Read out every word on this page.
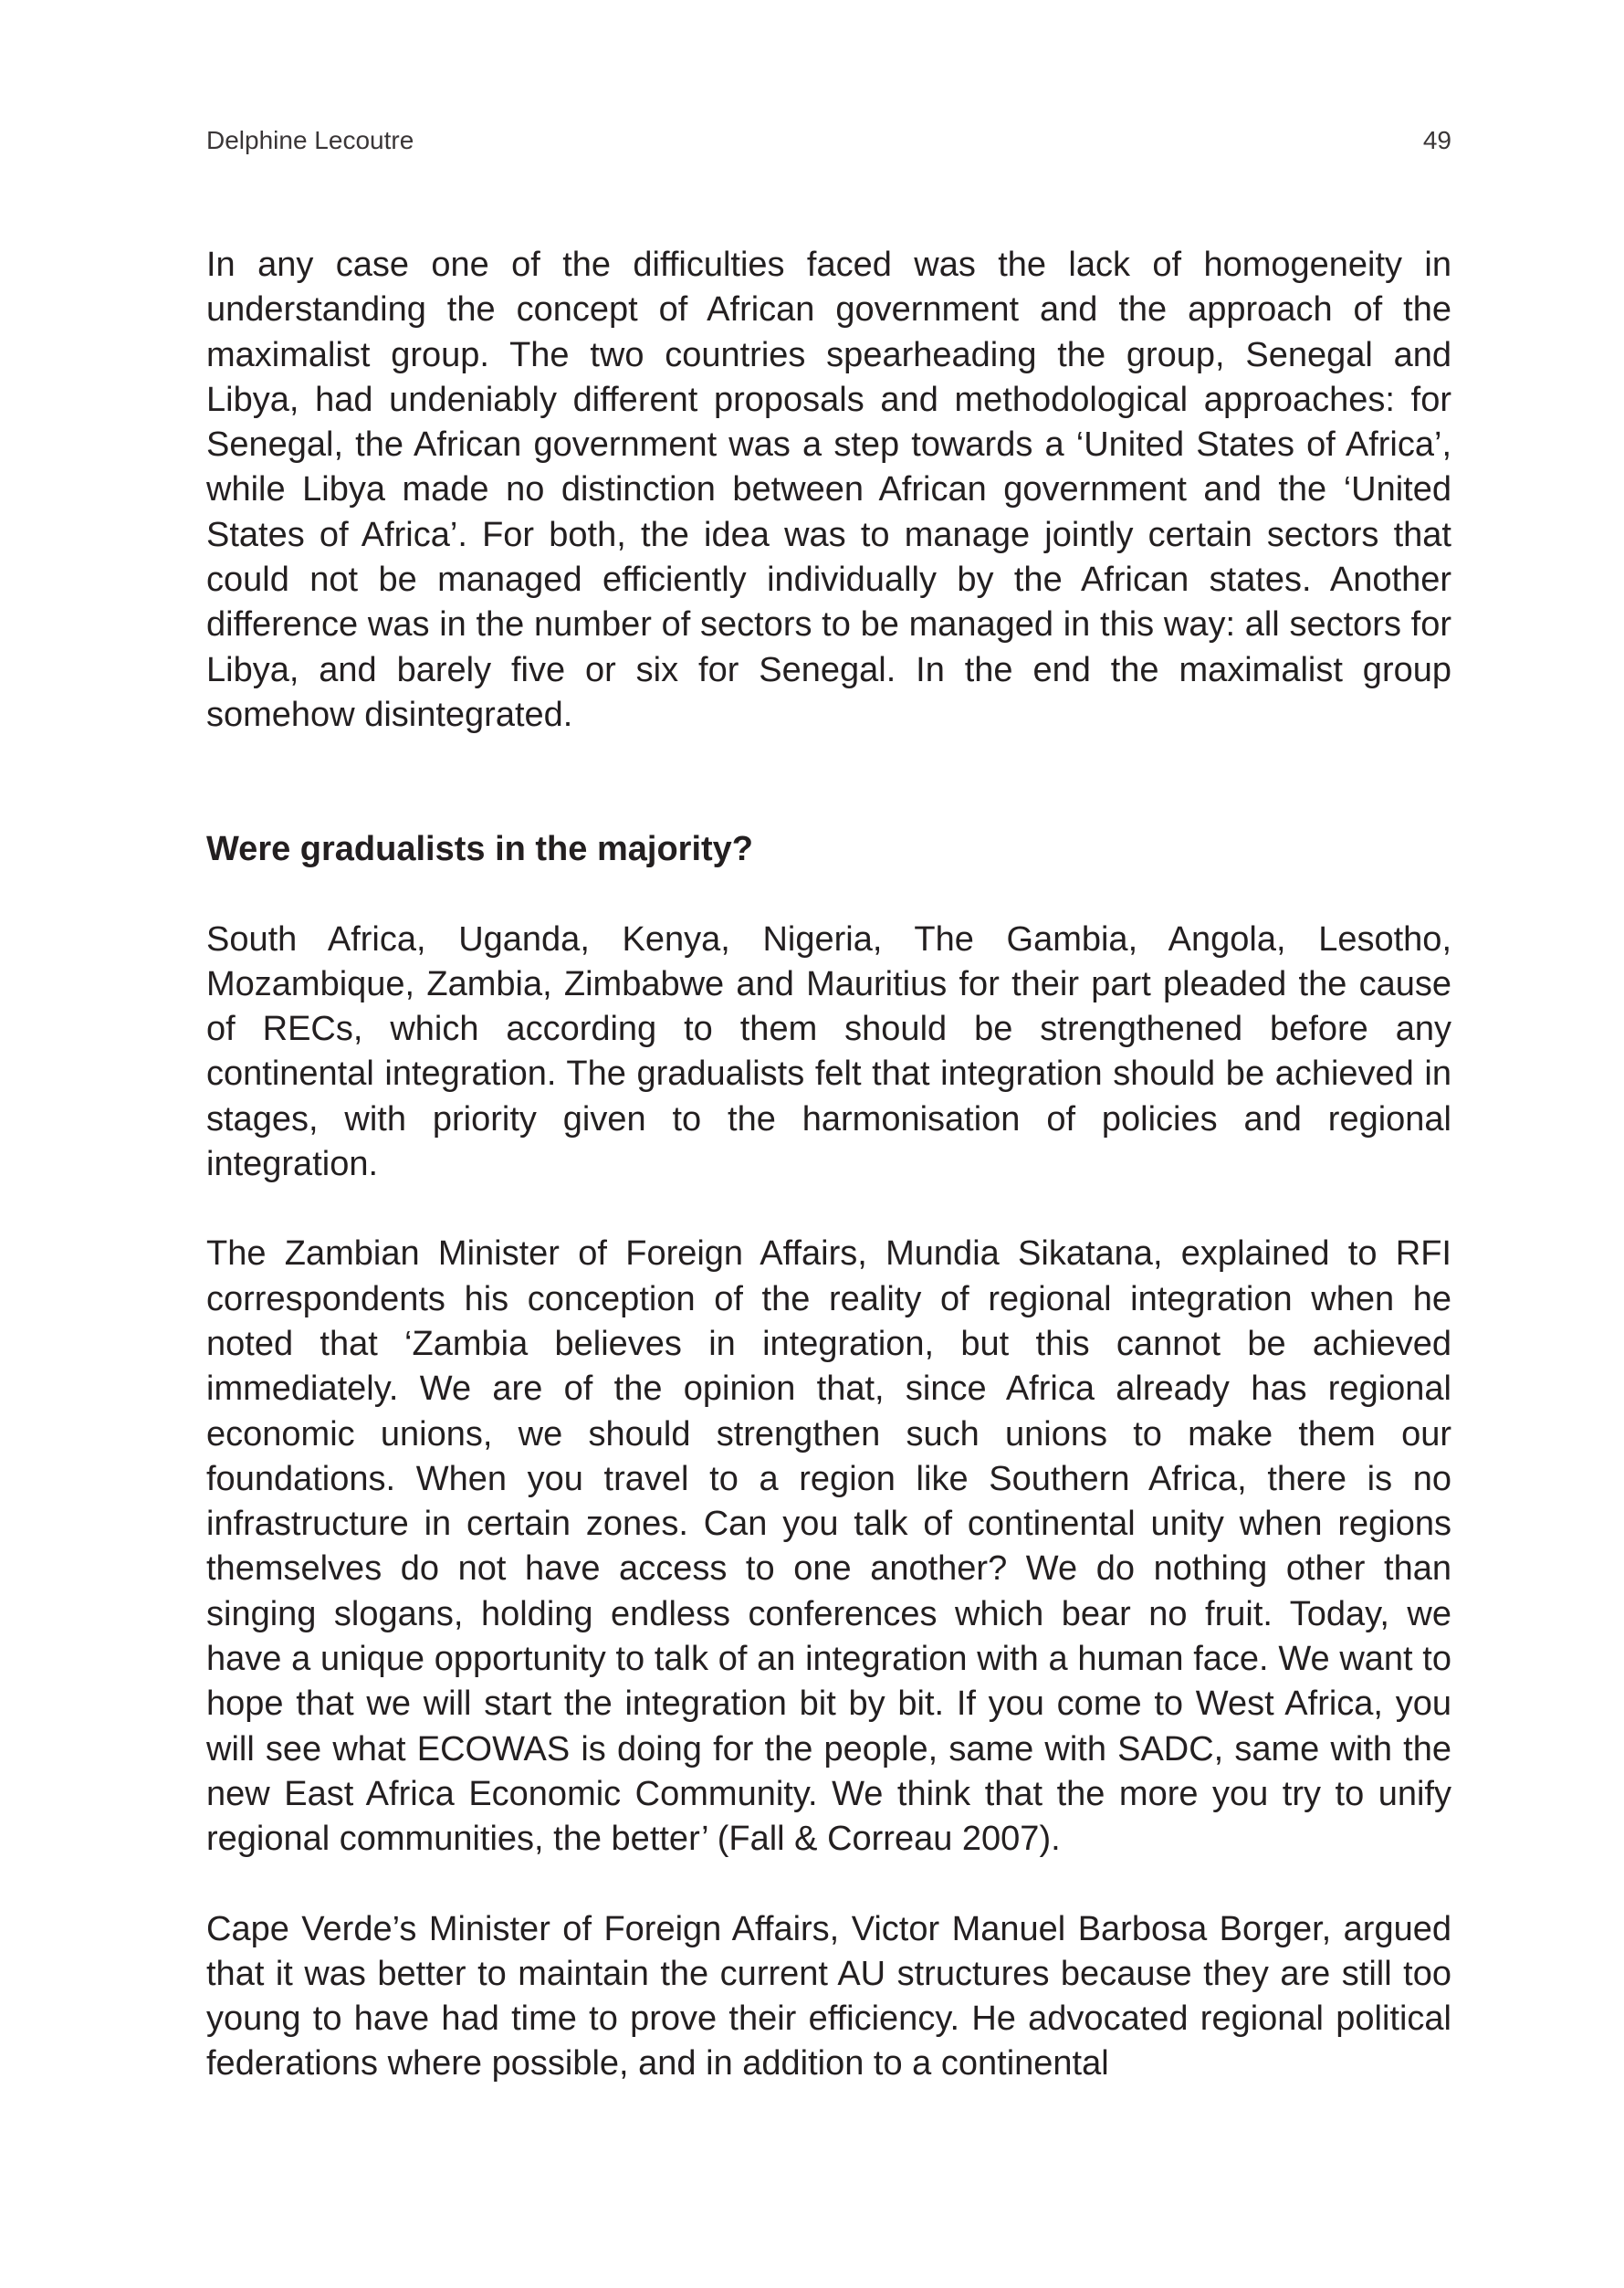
Delphine Lecoutre	49

In any case one of the difficulties faced was the lack of homogeneity in understanding the concept of African government and the approach of the maximalist group. The two countries spearheading the group, Senegal and Libya, had undeniably different proposals and methodological approaches: for Senegal, the African government was a step towards a ‘United States of Africa’, while Libya made no distinction between African government and the ‘United States of Africa’. For both, the idea was to manage jointly certain sectors that could not be managed efficiently individually by the African states. Another difference was in the number of sectors to be managed in this way: all sectors for Libya, and barely five or six for Senegal. In the end the maximalist group somehow disintegrated.

Were gradualists in the majority?

South Africa, Uganda, Kenya, Nigeria, The Gambia, Angola, Lesotho, Mozambique, Zambia, Zimbabwe and Mauritius for their part pleaded the cause of RECs, which according to them should be strengthened before any continental integration. The gradualists felt that integration should be achieved in stages, with priority given to the harmonisation of policies and regional integration.

The Zambian Minister of Foreign Affairs, Mundia Sikatana, explained to RFI correspondents his conception of the reality of regional integration when he noted that ‘Zambia believes in integration, but this cannot be achieved immediately. We are of the opinion that, since Africa already has regional economic unions, we should strengthen such unions to make them our foundations. When you travel to a region like Southern Africa, there is no infrastructure in certain zones. Can you talk of continental unity when regions themselves do not have access to one another? We do nothing other than singing slogans, holding endless conferences which bear no fruit. Today, we have a unique opportunity to talk of an integration with a human face. We want to hope that we will start the integration bit by bit. If you come to West Africa, you will see what ECOWAS is doing for the people, same with SADC, same with the new East Africa Economic Community. We think that the more you try to unify regional communities, the better’ (Fall & Correau 2007).

Cape Verde’s Minister of Foreign Affairs, Victor Manuel Barbosa Borger, argued that it was better to maintain the current AU structures because they are still too young to have had time to prove their efficiency. He advocated regional political federations where possible, and in addition to a continental
